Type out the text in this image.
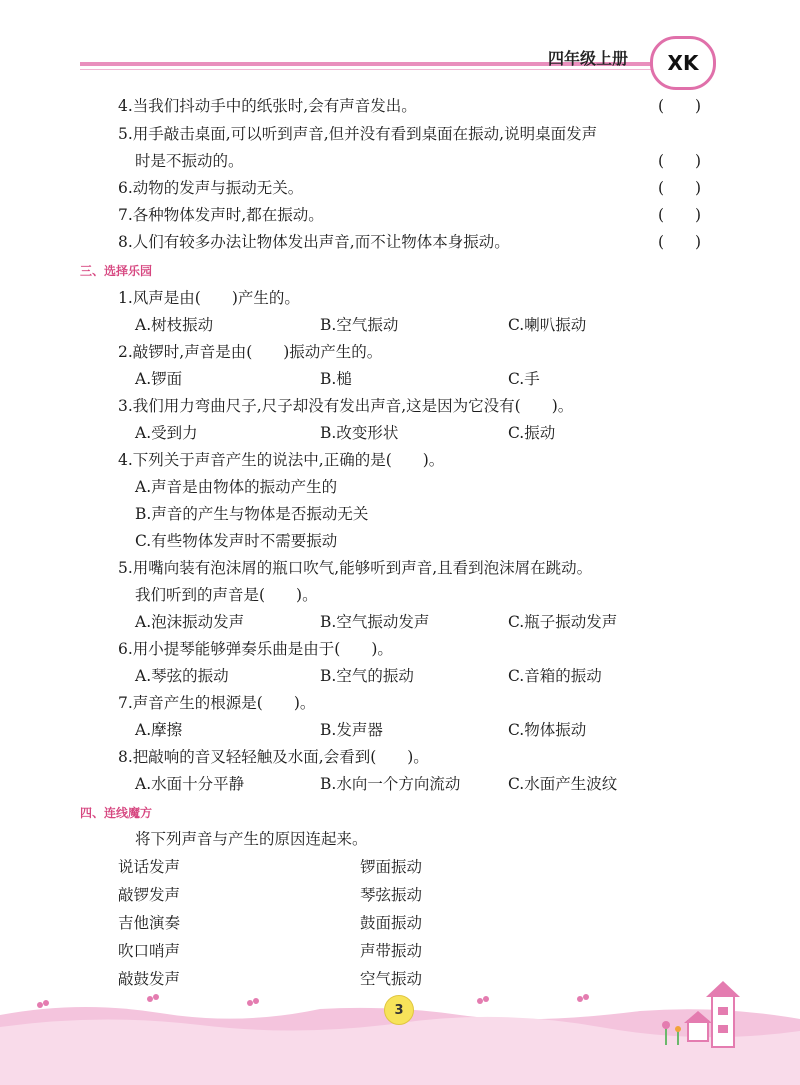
四年级上册	XK
4.当我们抖动手中的纸张时,会有声音发出。	(　　)
5.用手敲击桌面,可以听到声音,但并没有看到桌面在振动,说明桌面发声
时是不振动的。	(　　)
6.动物的发声与振动无关。	(　　)
7.各种物体发声时,都在振动。	(　　)
8.人们有较多办法让物体发出声音,而不让物体本身振动。	(　　)
三、选择乐园
1.风声是由(　　)产生的。
A.树枝振动	B.空气振动	C.喇叭振动
2.敲锣时,声音是由(　　)振动产生的。
A.锣面	B.槌	C.手
3.我们用力弯曲尺子,尺子却没有发出声音,这是因为它没有(　　)。
A.受到力	B.改变形状	C.振动
4.下列关于声音产生的说法中,正确的是(　　)。
A.声音是由物体的振动产生的
B.声音的产生与物体是否振动无关
C.有些物体发声时不需要振动
5.用嘴向装有泡沫屑的瓶口吹气,能够听到声音,且看到泡沫屑在跳动。
我们听到的声音是(　　)。
A.泡沫振动发声	B.空气振动发声	C.瓶子振动发声
6.用小提琴能够弹奏乐曲是由于(　　)。
A.琴弦的振动	B.空气的振动	C.音箱的振动
7.声音产生的根源是(　　)。
A.摩擦	B.发声器	C.物体振动
8.把敲响的音叉轻轻触及水面,会看到(　　)。
A.水面十分平静	B.水向一个方向流动	C.水面产生波纹
四、连线魔方
将下列声音与产生的原因连起来。
说话发声	锣面振动
敲锣发声	琴弦振动
吉他演奏	鼓面振动
吹口哨声	声带振动
敲鼓发声	空气振动
3
